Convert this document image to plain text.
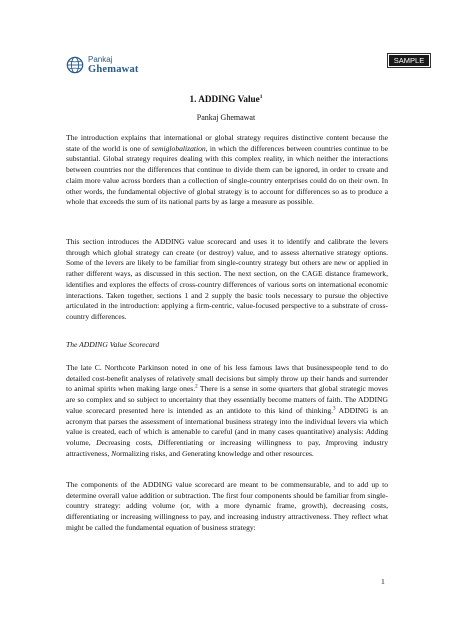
Pankaj
Ghemawat
SAMPLE
1. ADDING Value$^1$
Pankaj Ghemawat

The introduction explains that international or global strategy requires distinctive content because the state of the world is one of semiglobalization, in which the differences between countries continue to be substantial. Global strategy requires dealing with this complex reality, in which neither the interactions between countries nor the differences that continue to divide them can be ignored, in order to create and claim more value across borders than a collection of single-country enterprises could do on their own. In other words, the fundamental objective of global strategy is to account for differences so as to produce a whole that exceeds the sum of its national parts by as large a measure as possible.

This section introduces the ADDING value scorecard and uses it to identify and calibrate the levers through which global strategy can create (or destroy) value, and to assess alternative strategy options. Some of the levers are likely to be familiar from single-country strategy but others are new or applied in rather different ways, as discussed in this section. The next section, on the CAGE distance framework, identifies and explores the effects of cross-country differences of various sorts on international economic interactions. Taken together, sections 1 and 2 supply the basic tools necessary to pursue the objective articulated in the introduction: applying a firm-centric, value-focused perspective to a substrate of cross-country differences.

The ADDING Value Scorecard

The late C. Northcote Parkinson noted in one of his less famous laws that businesspeople tend to do detailed cost-benefit analyses of relatively small decisions but simply throw up their hands and surrender to animal spirits when making large ones.$^2$ There is a sense in some quarters that global strategic moves are so complex and so subject to uncertainty that they essentially become matters of faith. The ADDING value scorecard presented here is intended as an antidote to this kind of thinking.$^3$ ADDING is an acronym that parses the assessment of international business strategy into the individual levers via which value is created, each of which is amenable to careful (and in many cases quantitative) analysis: Adding volume, Decreasing costs, Differentiating or increasing willingness to pay, Improving industry attractiveness, Normalizing risks, and Generating knowledge and other resources.

The components of the ADDING value scorecard are meant to be commensurable, and to add up to determine overall value addition or subtraction. The first four components should be familiar from single-country strategy: adding volume (or, with a more dynamic frame, growth), decreasing costs, differentiating or increasing willingness to pay, and increasing industry attractiveness. They reflect what might be called the fundamental equation of business strategy:

1
